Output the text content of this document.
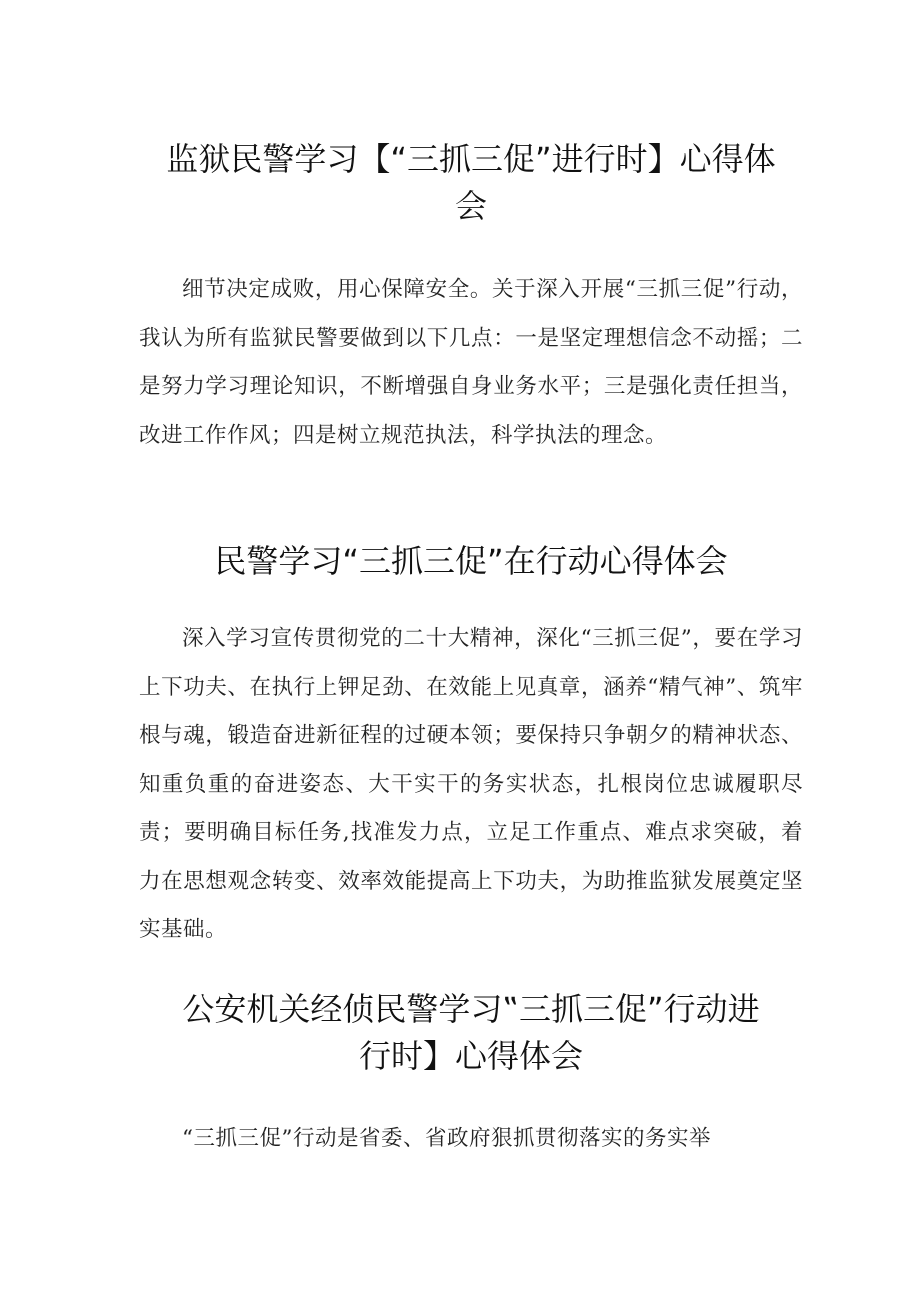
监狱民警学习【“三抓三促”进行时】心得体
会

细节决定成败，用心保障安全。关于深入开展“三抓三促”行动，我认为所有监狱民警要做到以下几点：一是坚定理想信念不动摇；二是努力学习理论知识，不断增强自身业务水平；三是强化责任担当，改进工作作风；四是树立规范执法，科学执法的理念。

民警学习“三抓三促”在行动心得体会

深入学习宣传贯彻党的二十大精神，深化“三抓三促”，要在学习上下功夫、在执行上钾足劲、在效能上见真章，涵养“精气神”、筑牢根与魂，锻造奋进新征程的过硬本领；要保持只争朝夕的精神状态、知重负重的奋进姿态、大干实干的务实状态，扎根岗位忠诚履职尽责；要明确目标任务,找准发力点，立足工作重点、难点求突破，着力在思想观念转变、效率效能提高上下功夫，为助推监狱发展奠定坚实基础。

公安机关经侦民警学习‟三抓三促”行动进
行时】心得体会

“三抓三促”行动是省委、省政府狠抓贯彻落实的务实举
